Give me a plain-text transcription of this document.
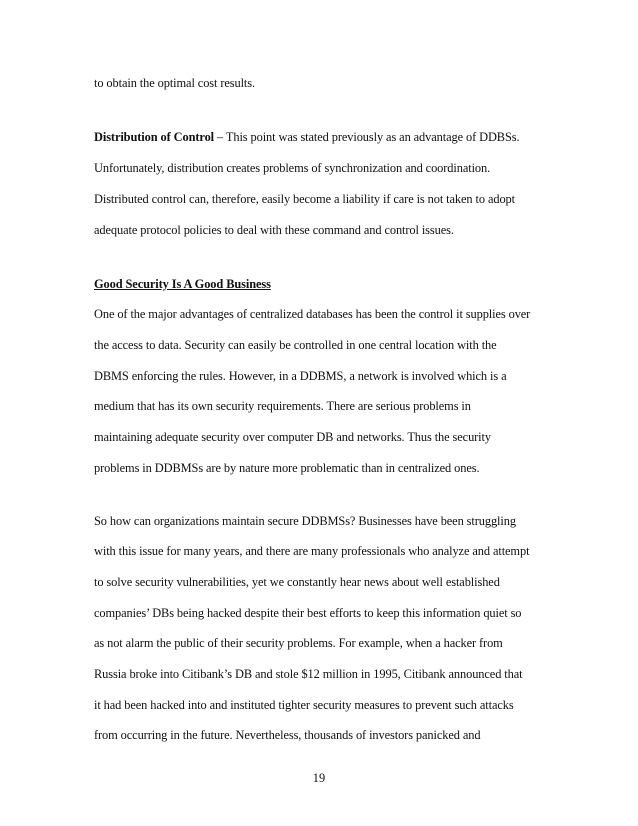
to obtain the optimal cost results.
Distribution of Control – This point was stated previously as an advantage of DDBSs.
Unfortunately, distribution creates problems of synchronization and coordination.
Distributed control can, therefore, easily become a liability if care is not taken to adopt
adequate protocol policies to deal with these command and control issues.
Good Security Is A Good Business
One of the major advantages of centralized databases has been the control it supplies over
the access to data. Security can easily be controlled in one central location with the
DBMS enforcing the rules. However, in a DDBMS, a network is involved which is a
medium that has its own security requirements. There are serious problems in
maintaining adequate security over computer DB and networks. Thus the security
problems in DDBMSs are by nature more problematic than in centralized ones.
So how can organizations maintain secure DDBMSs? Businesses have been struggling
with this issue for many years, and there are many professionals who analyze and attempt
to solve security vulnerabilities, yet we constantly hear news about well established
companies’ DBs being hacked despite their best efforts to keep this information quiet so
as not alarm the public of their security problems. For example, when a hacker from
Russia broke into Citibank’s DB and stole $12 million in 1995, Citibank announced that
it had been hacked into and instituted tighter security measures to prevent such attacks
from occurring in the future. Nevertheless, thousands of investors panicked and
19
